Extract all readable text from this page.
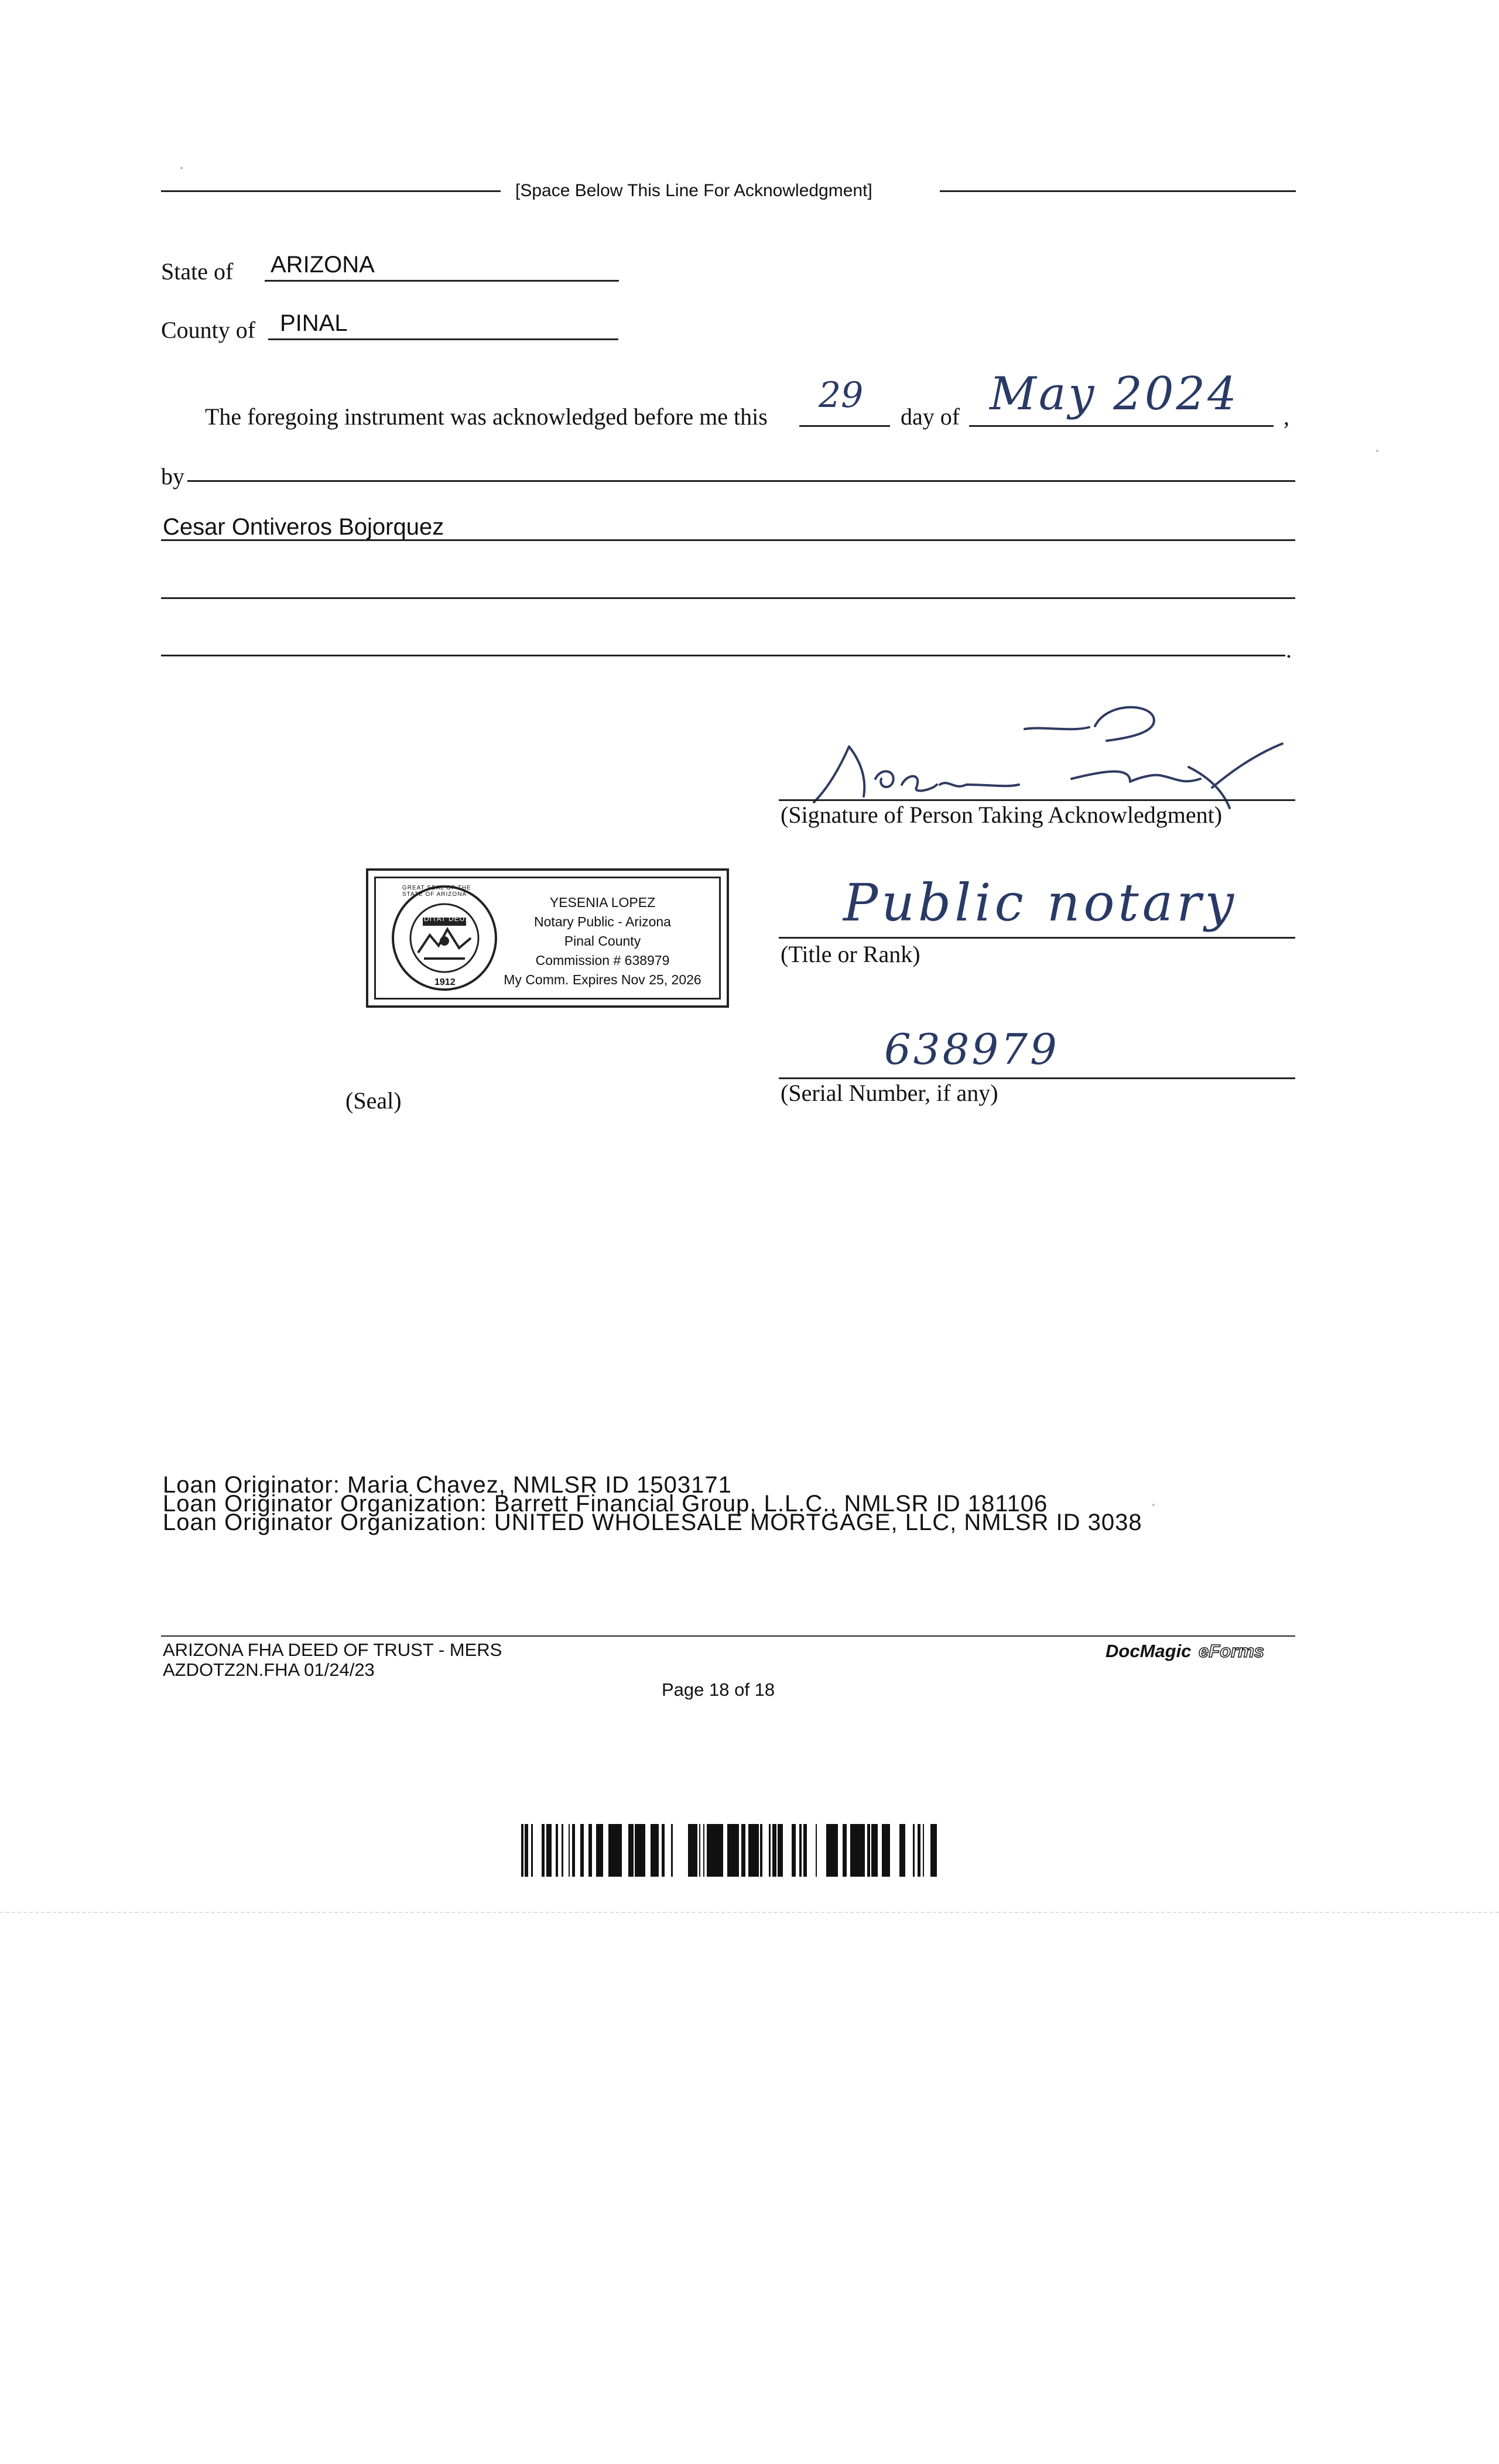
[Space Below This Line For Acknowledgment]
State of ARIZONA
County of PINAL
The foregoing instrument was acknowledged before me this
29
day of May 2024 ,
by
Cesar Ontiveros Bojorquez
.
(Signature of Person Taking Acknowledgment)
DITAT DEUS
GREAT SEAL OF THE STATE OF ARIZONA
1912
YESENIA LOPEZ
Notary Public - Arizona
Pinal County
Commission # 638979
My Comm. Expires Nov 25, 2026
Public notary
(Title or Rank)
638979
(Serial Number, if any)
(Seal)
Loan Originator: Maria Chavez, NMLSR ID 1503171
Loan Originator Organization: Barrett Financial Group, L.L.C., NMLSR ID 181106
Loan Originator Organization: UNITED WHOLESALE MORTGAGE, LLC, NMLSR ID 3038
ARIZONA FHA DEED OF TRUST - MERS
AZDOTZ2N.FHA 01/24/23
DocMagic eForms
Page 18 of 18
